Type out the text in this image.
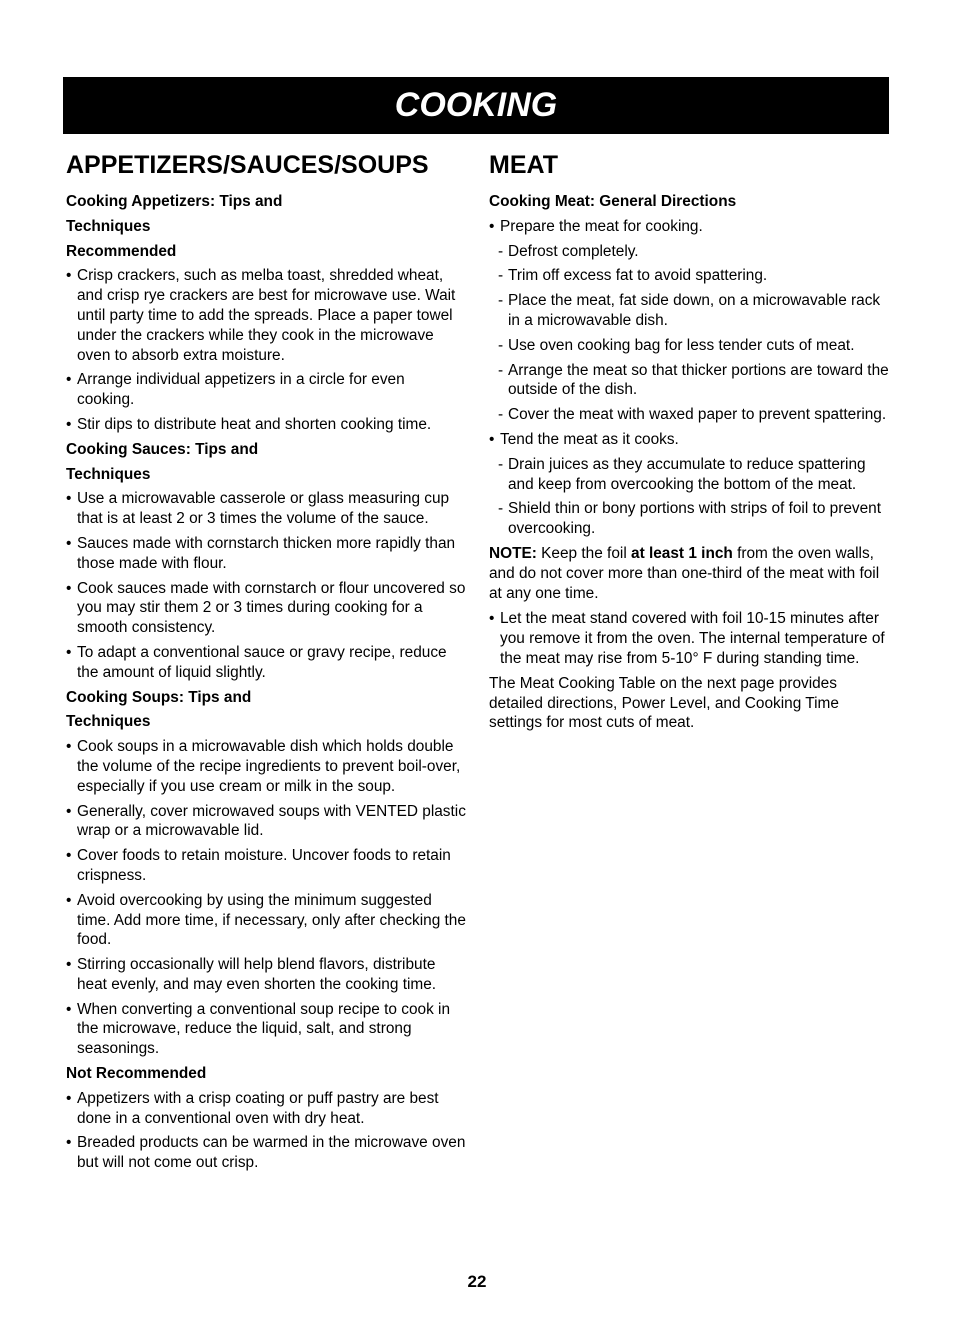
COOKING
APPETIZERS/SAUCES/SOUPS
Cooking Appetizers: Tips and
Techniques
Recommended
• Crisp crackers, such as melba toast, shredded wheat, and crisp rye crackers are best for microwave use. Wait until party time to add the spreads. Place a paper towel under the crackers while they cook in the microwave oven to absorb extra moisture.
• Arrange individual appetizers in a circle for even cooking.
• Stir dips to distribute heat and shorten cooking time.
Cooking Sauces: Tips and
Techniques
• Use a microwavable casserole or glass measuring cup that is at least 2 or 3 times the volume of the sauce.
• Sauces made with cornstarch thicken more rapidly than those made with flour.
• Cook sauces made with cornstarch or flour uncovered so you may stir them 2 or 3 times during cooking for a smooth consistency.
• To adapt a conventional sauce or gravy recipe, reduce the amount of liquid slightly.
Cooking Soups: Tips and
Techniques
• Cook soups in a microwavable dish which holds double the volume of the recipe ingredients to prevent boil-over, especially if you use cream or milk in the soup.
• Generally, cover microwaved soups with VENTED plastic wrap or a microwavable lid.
• Cover foods to retain moisture. Uncover foods to retain crispness.
• Avoid overcooking by using the minimum suggested time. Add more time, if necessary, only after checking the food.
• Stirring occasionally will help blend flavors, distribute heat evenly, and may even shorten the cooking time.
• When converting a conventional soup recipe to cook in the microwave, reduce the liquid, salt, and strong seasonings.
Not Recommended
• Appetizers with a crisp coating or puff pastry are best done in a conventional oven with dry heat.
• Breaded products can be warmed in the microwave oven but will not come out crisp.
MEAT
Cooking Meat: General Directions
• Prepare the meat for cooking.
- Defrost completely.
- Trim off excess fat to avoid spattering.
- Place the meat, fat side down, on a microwavable rack in a microwavable dish.
- Use oven cooking bag for less tender cuts of meat.
- Arrange the meat so that thicker portions are toward the outside of the dish.
- Cover the meat with waxed paper to prevent spattering.
• Tend the meat as it cooks.
- Drain juices as they accumulate to reduce spattering and keep from overcooking the bottom of the meat.
- Shield thin or bony portions with strips of foil to prevent overcooking.

NOTE: Keep the foil at least 1 inch from the oven walls, and do not cover more than one-third of the meat with foil at any one time.

• Let the meat stand covered with foil 10-15 minutes after you remove it from the oven. The internal temperature of the meat may rise from 5-10° F during standing time.

The Meat Cooking Table on the next page provides detailed directions, Power Level, and Cooking Time settings for most cuts of meat.

22
